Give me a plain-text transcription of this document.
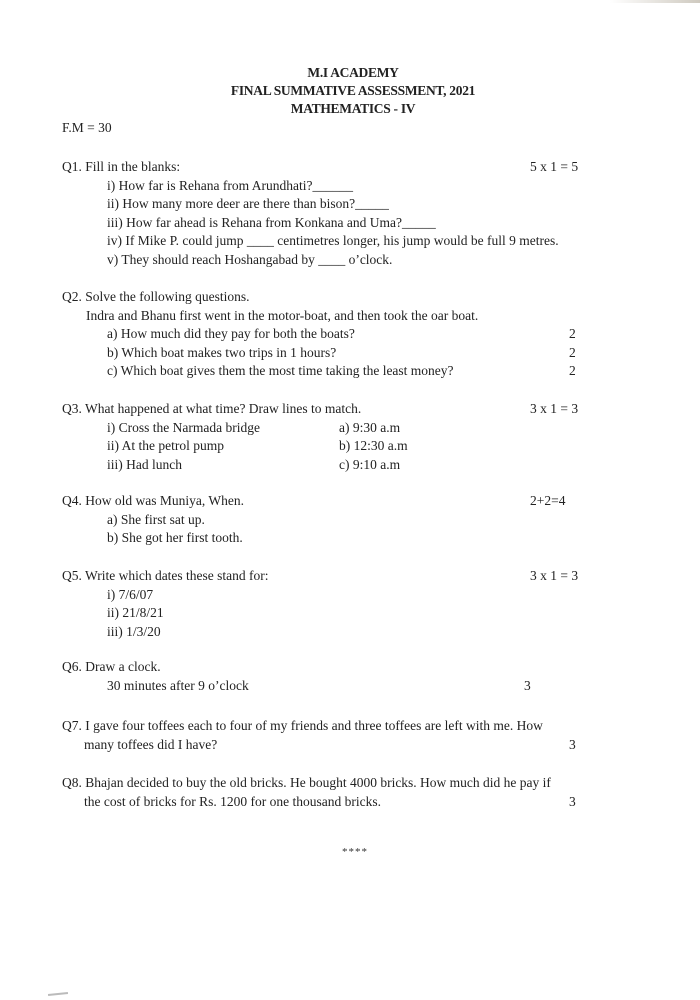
M.I ACADEMY
FINAL SUMMATIVE ASSESSMENT, 2021
MATHEMATICS - IV
F.M = 30
Q1. Fill in the blanks:	5 x 1 = 5
i) How far is Rehana from Arundhati?______
ii) How many more deer are there than bison?_____
iii) How far ahead is Rehana from Konkana and Uma?_____
iv) If Mike P. could jump ____ centimetres longer, his jump would be full 9 metres.
v) They should reach Hoshangabad by ____ o’clock.
Q2. Solve the following questions.
Indra and Bhanu first went in the motor-boat, and then took the oar boat.
a) How much did they pay for both the boats?	2
b) Which boat makes two trips in 1 hours?	2
c) Which boat gives them the most time taking the least money?	2
Q3. What happened at what time? Draw lines to match.	3 x 1 = 3
i) Cross the Narmada bridge	a) 9:30 a.m
ii) At the petrol pump	b) 12:30 a.m
iii) Had lunch	c) 9:10 a.m
Q4. How old was Muniya, When.	2+2=4
a) She first sat up.
b) She got her first tooth.
Q5. Write which dates these stand for:	3 x 1 = 3
i) 7/6/07
ii) 21/8/21
iii) 1/3/20
Q6. Draw a clock.
30 minutes after 9 o’clock	3
Q7. I gave four toffees each to four of my friends and three toffees are left with me. How
many toffees did I have?	3
Q8. Bhajan decided to buy the old bricks. He bought 4000 bricks. How much did he pay if
the cost of bricks for Rs. 1200 for one thousand bricks.	3
****
